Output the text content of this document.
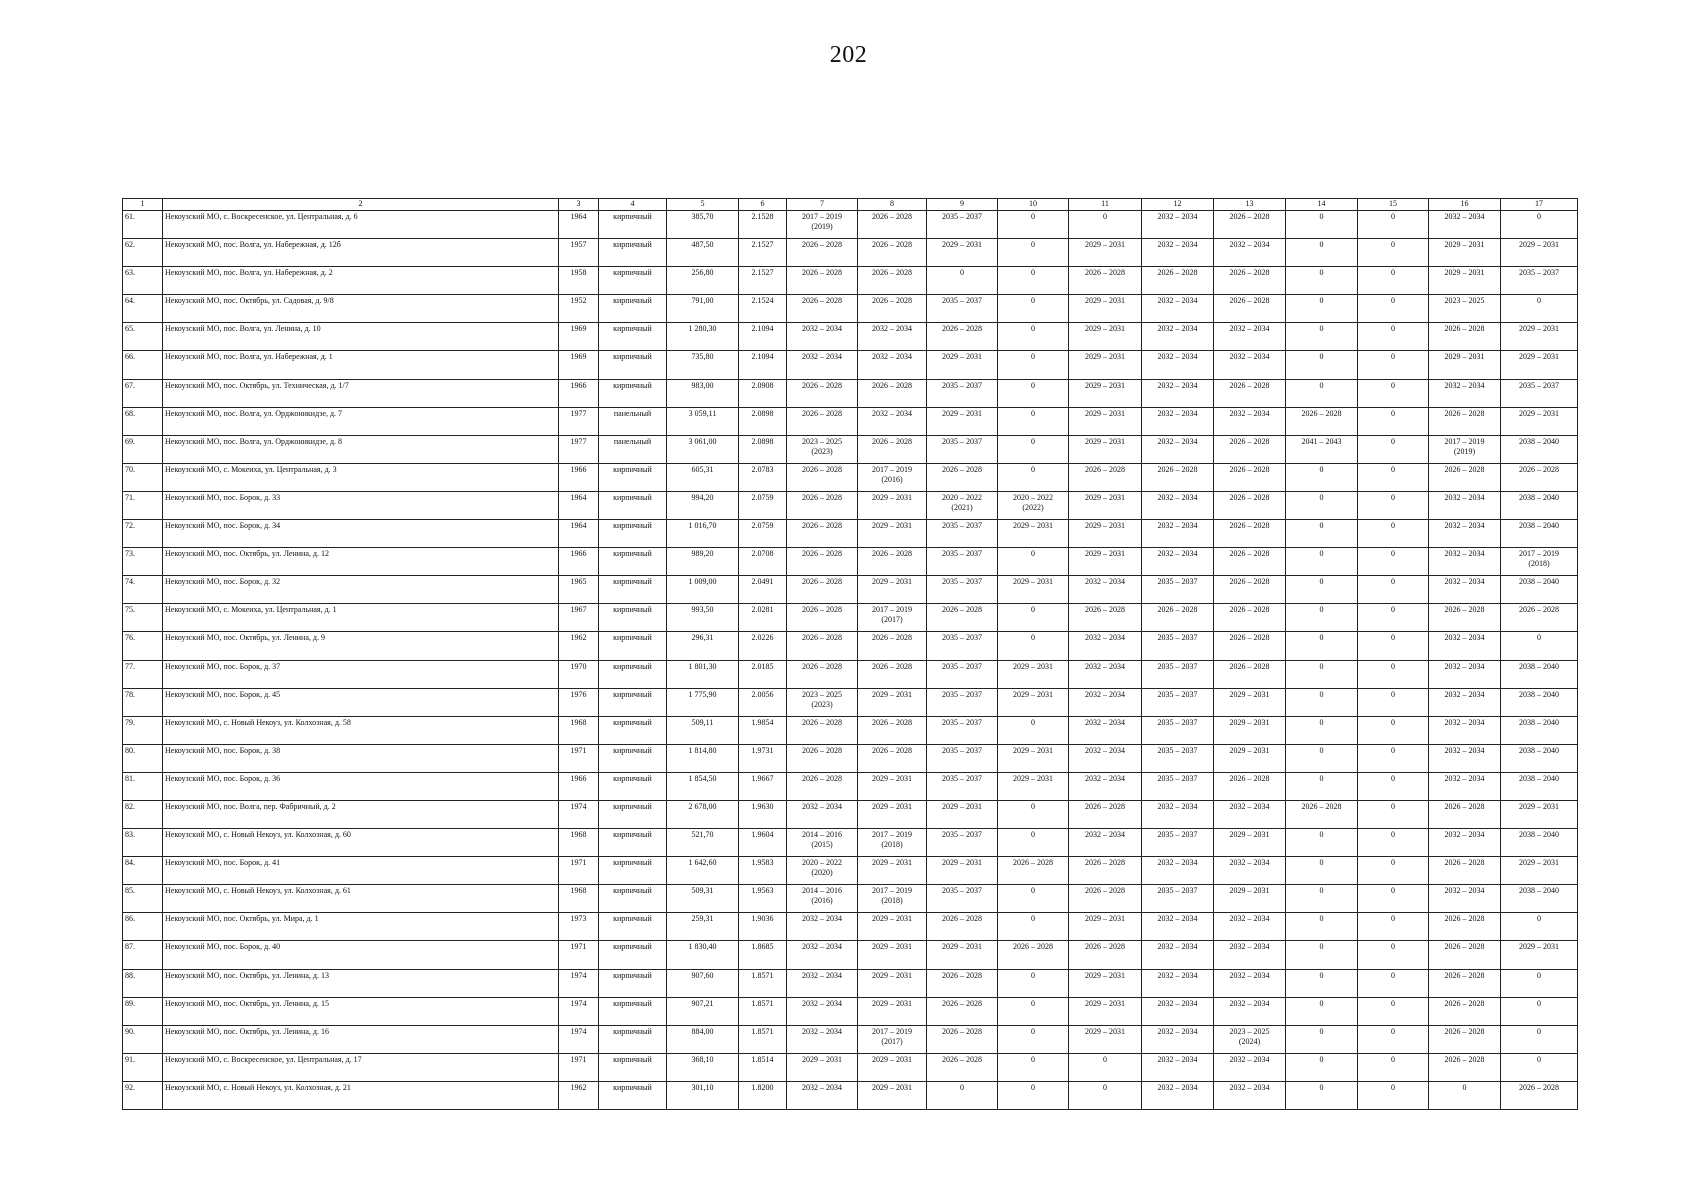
202
1	2	3	4	5	6	7	8	9	10	11	12	13	14	15	16	17

61.	Некоузский МО, с. Воскресенское, ул. Центральная, д. 6	1964	кирпичный	385,70	2.1528	2017 – 2019
(2019)	2026 – 2028	2035 – 2037	0	0	2032 – 2034	2026 – 2028	0	0	2032 – 2034	0

62.	Некоузский МО, пос. Волга, ул. Набережная, д. 12б	1957	кирпичный	487,50	2.1527	2026 – 2028	2026 – 2028	2029 – 2031	0	2029 – 2031	2032 – 2034	2032 – 2034	0	0	2029 – 2031	2029 – 2031

63.	Некоузский МО, пос. Волга, ул. Набережная, д. 2	1958	кирпичный	256,80	2.1527	2026 – 2028	2026 – 2028	0	0	2026 – 2028	2026 – 2028	2026 – 2028	0	0	2029 – 2031	2035 – 2037

64.	Некоузский МО, пос. Октябрь, ул. Садовая, д. 9/8	1952	кирпичный	791,00	2.1524	2026 – 2028	2026 – 2028	2035 – 2037	0	2029 – 2031	2032 – 2034	2026 – 2028	0	0	2023 – 2025	0

65.	Некоузский МО, пос. Волга, ул. Ленина, д. 10	1969	кирпичный	1 280,30	2.1094	2032 – 2034	2032 – 2034	2026 – 2028	0	2029 – 2031	2032 – 2034	2032 – 2034	0	0	2026 – 2028	2029 – 2031

66.	Некоузский МО, пос. Волга, ул. Набережная, д. 1	1969	кирпичный	735,80	2.1094	2032 – 2034	2032 – 2034	2029 – 2031	0	2029 – 2031	2032 – 2034	2032 – 2034	0	0	2029 – 2031	2029 – 2031

67.	Некоузский МО, пос. Октябрь, ул. Техническая, д. 1/7	1966	кирпичный	983,00	2.0908	2026 – 2028	2026 – 2028	2035 – 2037	0	2029 – 2031	2032 – 2034	2026 – 2028	0	0	2032 – 2034	2035 – 2037

68.	Некоузский МО, пос. Волга, ул. Орджоникидзе, д. 7	1977	панельный	3 059,11	2.0898	2026 – 2028	2032 – 2034	2029 – 2031	0	2029 – 2031	2032 – 2034	2032 – 2034	2026 – 2028	0	2026 – 2028	2029 – 2031

69.	Некоузский МО, пос. Волга, ул. Орджоникидзе, д. 8	1977	панельный	3 061,00	2.0898	2023 – 2025
(2023)	2026 – 2028	2035 – 2037	0	2029 – 2031	2032 – 2034	2026 – 2028	2041 – 2043	0	2017 – 2019
(2019)	2038 – 2040

70.	Некоузский МО, с. Мокеиха, ул. Центральная, д. 3	1966	кирпичный	605,31	2.0783	2026 – 2028	2017 – 2019
(2016)	2026 – 2028	0	2026 – 2028	2026 – 2028	2026 – 2028	0	0	2026 – 2028	2026 – 2028

71.	Некоузский МО, пос. Борок, д. 33	1964	кирпичный	994,20	2.0759	2026 – 2028	2029 – 2031	2020 – 2022
(2021)	2020 – 2022
(2022)	2029 – 2031	2032 – 2034	2026 – 2028	0	0	2032 – 2034	2038 – 2040

72.	Некоузский МО, пос. Борок, д. 34	1964	кирпичный	1 016,70	2.0759	2026 – 2028	2029 – 2031	2035 – 2037	2029 – 2031	2029 – 2031	2032 – 2034	2026 – 2028	0	0	2032 – 2034	2038 – 2040

73.	Некоузский МО, пос. Октябрь, ул. Ленина, д. 12	1966	кирпичный	989,20	2.0708	2026 – 2028	2026 – 2028	2035 – 2037	0	2029 – 2031	2032 – 2034	2026 – 2028	0	0	2032 – 2034	2017 – 2019
(2018)

74.	Некоузский МО, пос. Борок, д. 32	1965	кирпичный	1 009,00	2.0491	2026 – 2028	2029 – 2031	2035 – 2037	2029 – 2031	2032 – 2034	2035 – 2037	2026 – 2028	0	0	2032 – 2034	2038 – 2040

75.	Некоузский МО, с. Мокеиха, ул. Центральная, д. 1	1967	кирпичный	993,50	2.0281	2026 – 2028	2017 – 2019
(2017)	2026 – 2028	0	2026 – 2028	2026 – 2028	2026 – 2028	0	0	2026 – 2028	2026 – 2028

76.	Некоузский МО, пос. Октябрь, ул. Ленина, д. 9	1962	кирпичный	296,31	2.0226	2026 – 2028	2026 – 2028	2035 – 2037	0	2032 – 2034	2035 – 2037	2026 – 2028	0	0	2032 – 2034	0

77.	Некоузский МО, пос. Борок, д. 37	1970	кирпичный	1 801,30	2.0185	2026 – 2028	2026 – 2028	2035 – 2037	2029 – 2031	2032 – 2034	2035 – 2037	2026 – 2028	0	0	2032 – 2034	2038 – 2040

78.	Некоузский МО, пос. Борок, д. 45	1976	кирпичный	1 775,90	2.0056	2023 – 2025
(2023)	2029 – 2031	2035 – 2037	2029 – 2031	2032 – 2034	2035 – 2037	2029 – 2031	0	0	2032 – 2034	2038 – 2040

79.	Некоузский МО, с. Новый Некоуз, ул. Колхозная, д. 58	1968	кирпичный	509,11	1.9854	2026 – 2028	2026 – 2028	2035 – 2037	0	2032 – 2034	2035 – 2037	2029 – 2031	0	0	2032 – 2034	2038 – 2040

80.	Некоузский МО, пос. Борок, д. 38	1971	кирпичный	1 814,80	1.9731	2026 – 2028	2026 – 2028	2035 – 2037	2029 – 2031	2032 – 2034	2035 – 2037	2029 – 2031	0	0	2032 – 2034	2038 – 2040

81.	Некоузский МО, пос. Борок, д. 36	1966	кирпичный	1 854,50	1.9667	2026 – 2028	2029 – 2031	2035 – 2037	2029 – 2031	2032 – 2034	2035 – 2037	2026 – 2028	0	0	2032 – 2034	2038 – 2040

82.	Некоузский МО, пос. Волга, пер. Фабричный, д. 2	1974	кирпичный	2 678,00	1.9630	2032 – 2034	2029 – 2031	2029 – 2031	0	2026 – 2028	2032 – 2034	2032 – 2034	2026 – 2028	0	2026 – 2028	2029 – 2031

83.	Некоузский МО, с. Новый Некоуз, ул. Колхозная, д. 60	1968	кирпичный	521,70	1.9604	2014 – 2016
(2015)	2017 – 2019
(2018)	2035 – 2037	0	2032 – 2034	2035 – 2037	2029 – 2031	0	0	2032 – 2034	2038 – 2040

84.	Некоузский МО, пос. Борок, д. 41	1971	кирпичный	1 642,60	1.9583	2020 – 2022
(2020)	2029 – 2031	2029 – 2031	2026 – 2028	2026 – 2028	2032 – 2034	2032 – 2034	0	0	2026 – 2028	2029 – 2031

85.	Некоузский МО, с. Новый Некоуз, ул. Колхозная, д. 61	1968	кирпичный	509,31	1.9563	2014 – 2016
(2016)	2017 – 2019
(2018)	2035 – 2037	0	2026 – 2028	2035 – 2037	2029 – 2031	0	0	2032 – 2034	2038 – 2040

86.	Некоузский МО, пос. Октябрь, ул. Мира, д. 1	1973	кирпичный	259,31	1.9036	2032 – 2034	2029 – 2031	2026 – 2028	0	2029 – 2031	2032 – 2034	2032 – 2034	0	0	2026 – 2028	0

87.	Некоузский МО, пос. Борок, д. 40	1971	кирпичный	1 830,40	1.8685	2032 – 2034	2029 – 2031	2029 – 2031	2026 – 2028	2026 – 2028	2032 – 2034	2032 – 2034	0	0	2026 – 2028	2029 – 2031

88.	Некоузский МО, пос. Октябрь, ул. Ленина, д. 13	1974	кирпичный	907,60	1.8571	2032 – 2034	2029 – 2031	2026 – 2028	0	2029 – 2031	2032 – 2034	2032 – 2034	0	0	2026 – 2028	0

89.	Некоузский МО, пос. Октябрь, ул. Ленина, д. 15	1974	кирпичный	907,21	1.8571	2032 – 2034	2029 – 2031	2026 – 2028	0	2029 – 2031	2032 – 2034	2032 – 2034	0	0	2026 – 2028	0

90.	Некоузский МО, пос. Октябрь, ул. Ленина, д. 16	1974	кирпичный	884,00	1.8571	2032 – 2034	2017 – 2019
(2017)	2026 – 2028	0	2029 – 2031	2032 – 2034	2023 – 2025
(2024)	0	0	2026 – 2028	0

91.	Некоузский МО, с. Воскресенское, ул. Центральная, д. 17	1971	кирпичный	368,10	1.8514	2029 – 2031	2029 – 2031	2026 – 2028	0	0	2032 – 2034	2032 – 2034	0	0	2026 – 2028	0

92.	Некоузский МО, с. Новый Некоуз, ул. Колхозная, д. 21	1962	кирпичный	301,10	1.8200	2032 – 2034	2029 – 2031	0	0	0	2032 – 2034	2032 – 2034	0	0	0	2026 – 2028
